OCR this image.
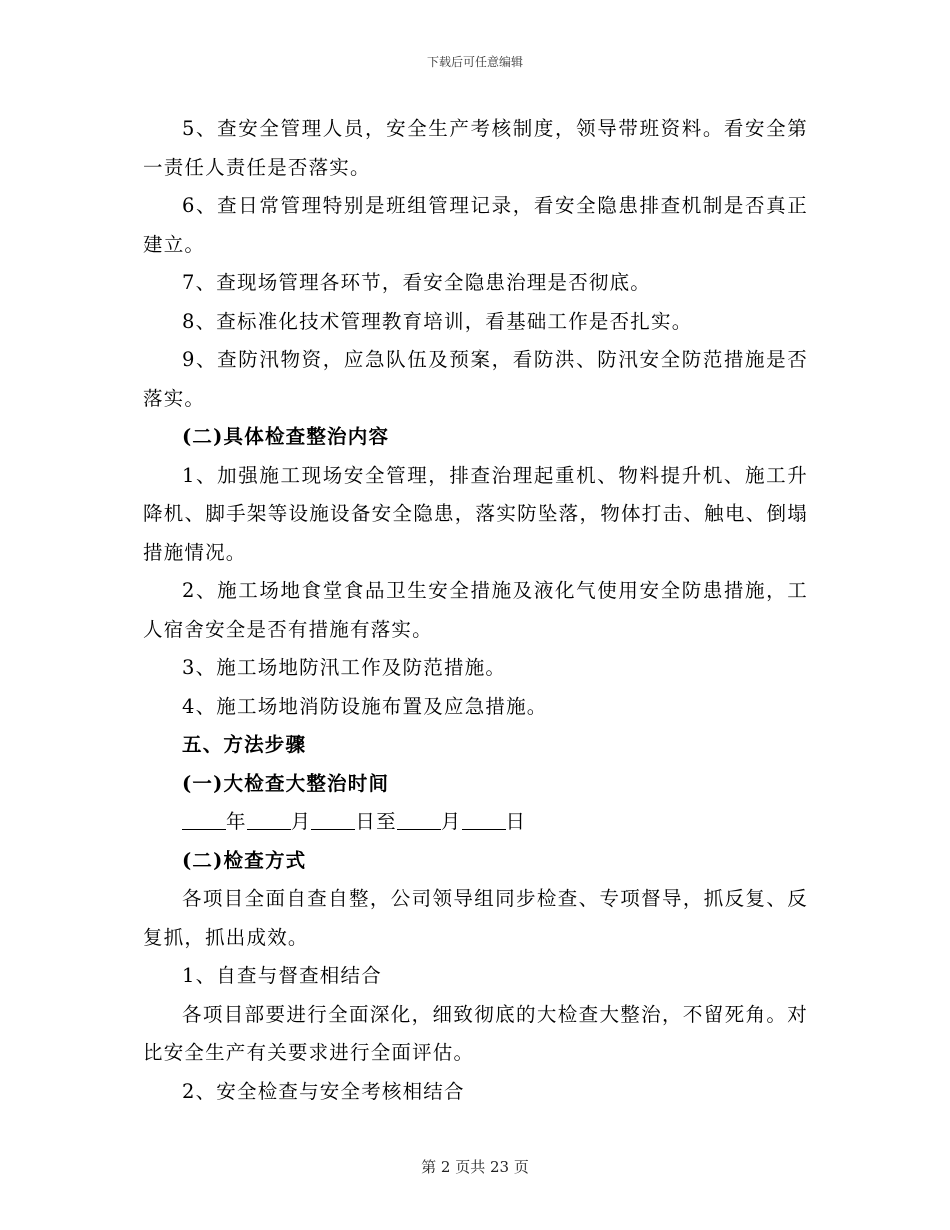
下载后可任意编辑

5、查安全管理人员，安全生产考核制度，领导带班资料。看安全第一责任人责任是否落实。

6、查日常管理特别是班组管理记录，看安全隐患排查机制是否真正建立。

7、查现场管理各环节，看安全隐患治理是否彻底。

8、查标准化技术管理教育培训，看基础工作是否扎实。

9、查防汛物资，应急队伍及预案，看防洪、防汛安全防范措施是否落实。

(二)具体检查整治内容

1、加强施工现场安全管理，排查治理起重机、物料提升机、施工升降机、脚手架等设施设备安全隐患，落实防坠落，物体打击、触电、倒塌措施情况。

2、施工场地食堂食品卫生安全措施及液化气使用安全防患措施，工人宿舍安全是否有措施有落实。

3、施工场地防汛工作及防范措施。

4、施工场地消防设施布置及应急措施。

五、方法步骤

(一)大检查大整治时间

年 月 日至 月 日

(二)检查方式

各项目全面自查自整，公司领导组同步检查、专项督导，抓反复、反复抓，抓出成效。

1、自查与督查相结合

各项目部要进行全面深化，细致彻底的大检查大整治，不留死角。对比安全生产有关要求进行全面评估。

2、安全检查与安全考核相结合

第 2 页共 23 页
